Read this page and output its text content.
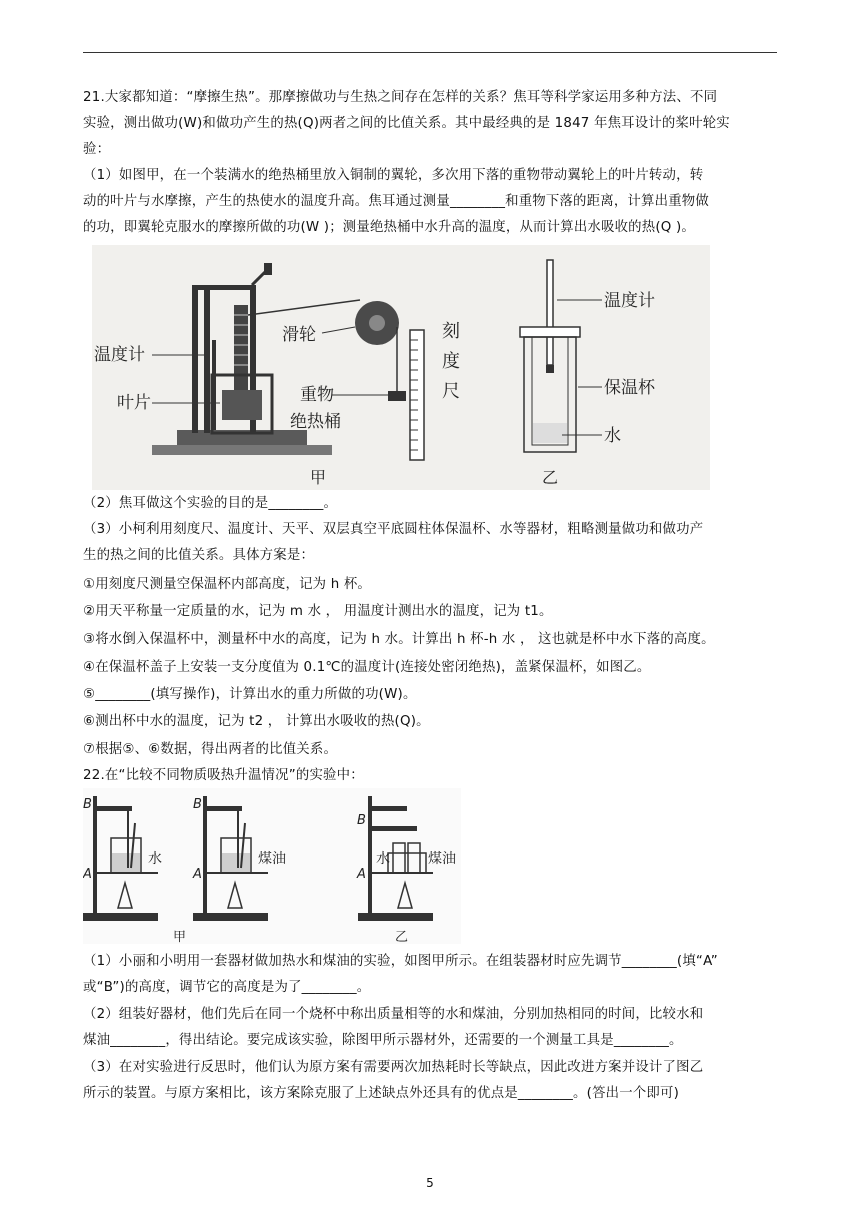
21.大家都知道：“摩擦生热”。那摩擦做功与生热之间存在怎样的关系？焦耳等科学家运用多种方法、不同
实验，测出做功(W)和做功产生的热(Q)两者之间的比值关系。其中最经典的是 1847 年焦耳设计的桨叶轮实
验：
（1）如图甲，在一个装满水的绝热桶里放入铜制的翼轮，多次用下落的重物带动翼轮上的叶片转动，转
动的叶片与水摩擦，产生的热使水的温度升高。焦耳通过测量________和重物下落的距离，计算出重物做
的功，即翼轮克服水的摩擦所做的功(W )；测量绝热桶中水升高的温度，从而计算出水吸收的热(Q )。
温度计
叶片
滑轮
重物
绝热桶
刻
度
尺
甲
温度计
保温杯
水
乙
（2）焦耳做这个实验的目的是________。
（3）小柯利用刻度尺、温度计、天平、双层真空平底圆柱体保温杯、水等器材，粗略测量做功和做功产
生的热之间的比值关系。具体方案是：
①用刻度尺测量空保温杯内部高度，记为 h 杯。
②用天平称量一定质量的水，记为 m 水 ， 用温度计测出水的温度，记为 t1。
③将水倒入保温杯中，测量杯中水的高度，记为 h 水。计算出 h 杯-h 水 ， 这也就是杯中水下落的高度。
④在保温杯盖子上安装一支分度值为 0.1℃的温度计(连接处密闭绝热)，盖紧保温杯，如图乙。
⑤________(填写操作)，计算出水的重力所做的功(W)。
⑥测出杯中水的温度，记为 t2 ， 计算出水吸收的热(Q)。
⑦根据⑤、⑥数据，得出两者的比值关系。
22.在“比较不同物质吸热升温情况”的实验中：
B
A
水
B
A
煤油
甲
B
A
水	煤油
乙
（1）小丽和小明用一套器材做加热水和煤油的实验，如图甲所示。在组装器材时应先调节________(填“A”
或“B”)的高度，调节它的高度是为了________。
（2）组装好器材，他们先后在同一个烧杯中称出质量相等的水和煤油，分别加热相同的时间，比较水和
煤油________，得出结论。要完成该实验，除图甲所示器材外，还需要的一个测量工具是________。
（3）在对实验进行反思时，他们认为原方案有需要两次加热耗时长等缺点，因此改进方案并设计了图乙
所示的装置。与原方案相比，该方案除克服了上述缺点外还具有的优点是________。(答出一个即可)
5
